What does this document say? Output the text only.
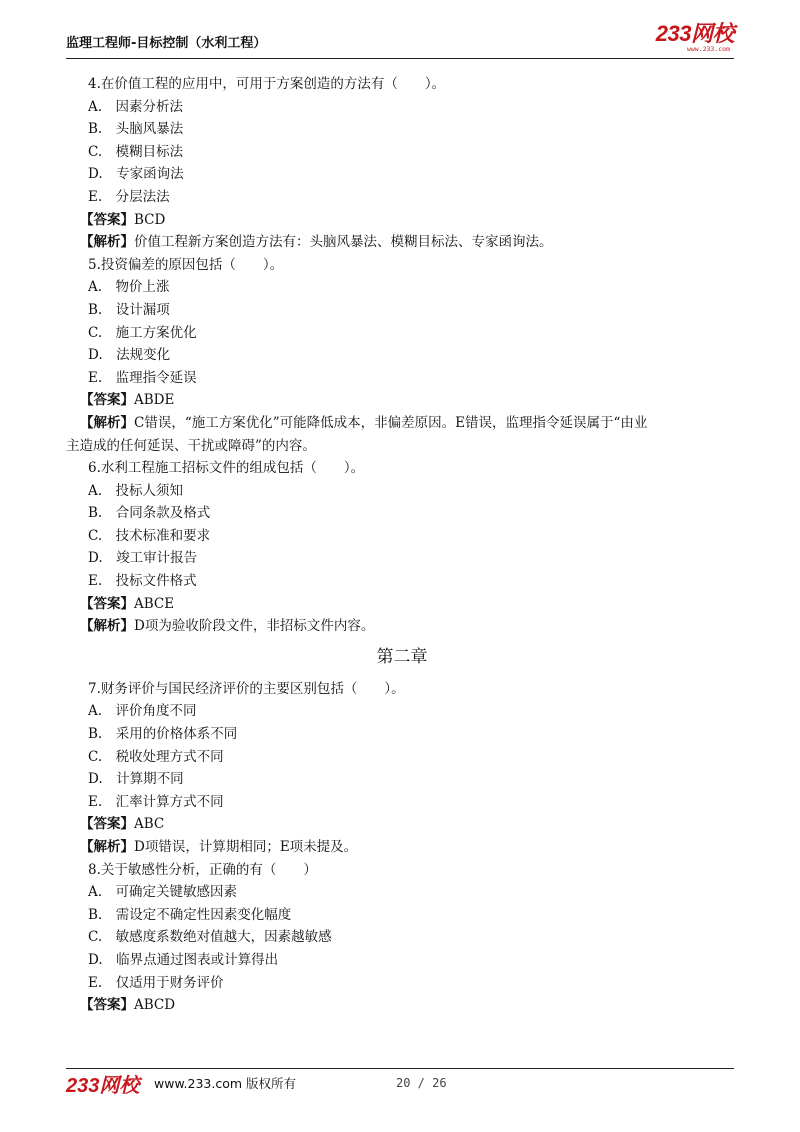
监理工程师-目标控制（水利工程）	233网校
www.233.com
4.在价值工程的应用中，可用于方案创造的方法有（　　）。
A.　因素分析法
B.　头脑风暴法
C.　模糊目标法
D.　专家函询法
E.　分层法法
【答案】BCD
【解析】价值工程新方案创造方法有：头脑风暴法、模糊目标法、专家函询法。
5.投资偏差的原因包括（　　）。
A.　物价上涨
B.　设计漏项
C.　施工方案优化
D.　法规变化
E.　监理指令延误
【答案】ABDE
【解析】C错误，“施工方案优化”可能降低成本，非偏差原因。E错误，监理指令延误属于“由业
主造成的任何延误、干扰或障碍”的内容。
6.水利工程施工招标文件的组成包括（　　）。
A.　投标人须知
B.　合同条款及格式
C.　技术标准和要求
D.　竣工审计报告
E.　投标文件格式
【答案】ABCE
【解析】D项为验收阶段文件，非招标文件内容。
第二章
7.财务评价与国民经济评价的主要区别包括（　　）。
A.　评价角度不同
B.　采用的价格体系不同
C.　税收处理方式不同
D.　计算期不同
E.　汇率计算方式不同
【答案】ABC
【解析】D项错误，计算期相同；E项未提及。
8.关于敏感性分析，正确的有（　　）
A.　可确定关键敏感因素
B.　需设定不确定性因素变化幅度
C.　敏感度系数绝对值越大，因素越敏感
D.　临界点通过图表或计算得出
E.　仅适用于财务评价
【答案】ABCD
233网校 www.233.com 版权所有	20 / 26
